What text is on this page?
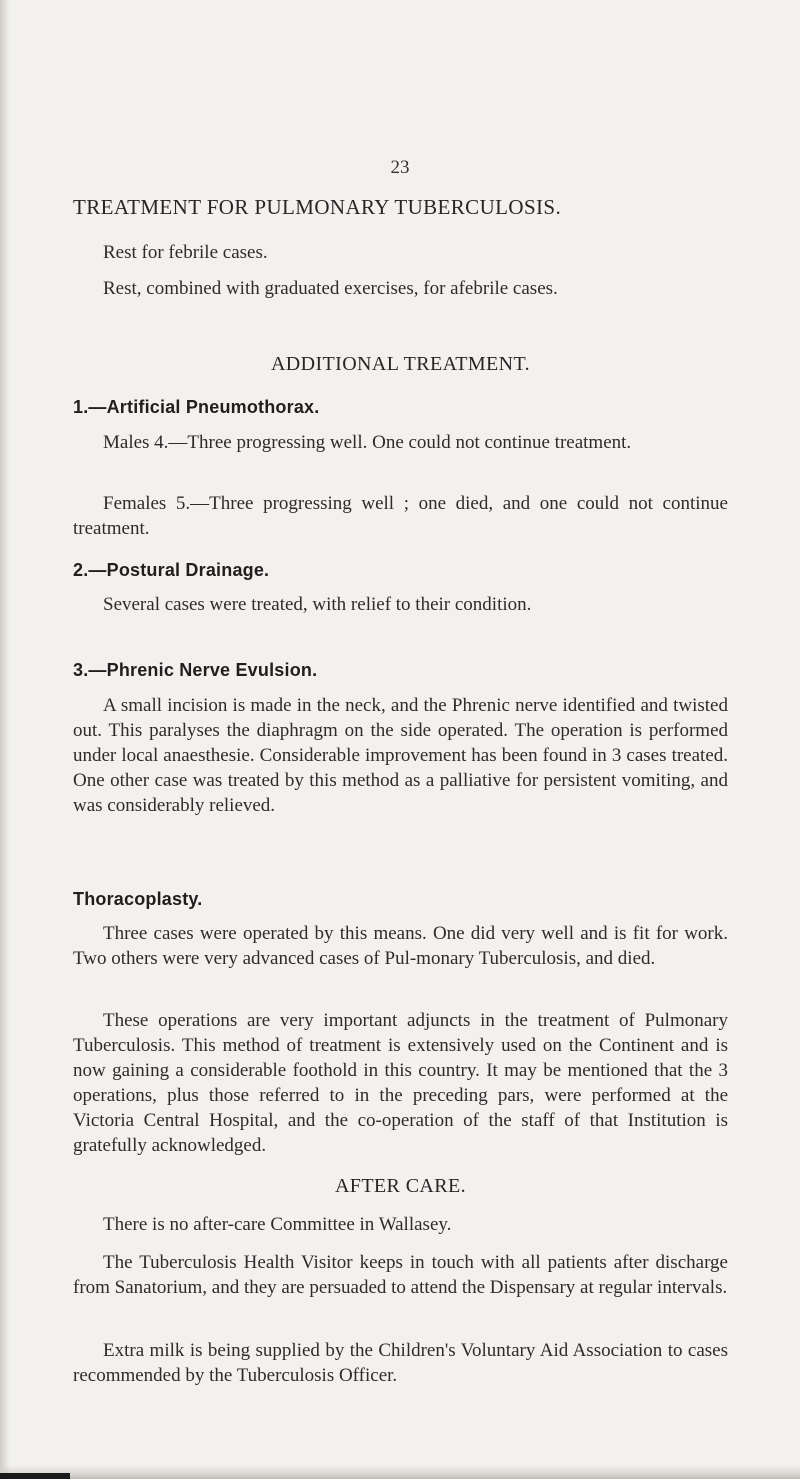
23
TREATMENT FOR PULMONARY TUBERCULOSIS.
Rest for febrile cases.
Rest, combined with graduated exercises, for afebrile cases.
ADDITIONAL TREATMENT.
1.—Artificial Pneumothorax.
Males 4.—Three progressing well. One could not continue treatment.
Females 5.—Three progressing well ; one died, and one could not continue treatment.
2.—Postural Drainage.
Several cases were treated, with relief to their condition.
3.—Phrenic Nerve Evulsion.
A small incision is made in the neck, and the Phrenic nerve identified and twisted out. This paralyses the diaphragm on the side operated. The operation is performed under local anaesthesie. Considerable improvement has been found in 3 cases treated. One other case was treated by this method as a palliative for persistent vomiting, and was considerably relieved.
Thoracoplasty.
Three cases were operated by this means. One did very well and is fit for work. Two others were very advanced cases of Pul-monary Tuberculosis, and died.
These operations are very important adjuncts in the treatment of Pulmonary Tuberculosis. This method of treatment is extensively used on the Continent and is now gaining a considerable foothold in this country. It may be mentioned that the 3 operations, plus those referred to in the preceding pars, were performed at the Victoria Central Hospital, and the co-operation of the staff of that Institution is gratefully acknowledged.
AFTER CARE.
There is no after-care Committee in Wallasey.
The Tuberculosis Health Visitor keeps in touch with all patients after discharge from Sanatorium, and they are persuaded to attend the Dispensary at regular intervals.
Extra milk is being supplied by the Children's Voluntary Aid Association to cases recommended by the Tuberculosis Officer.
